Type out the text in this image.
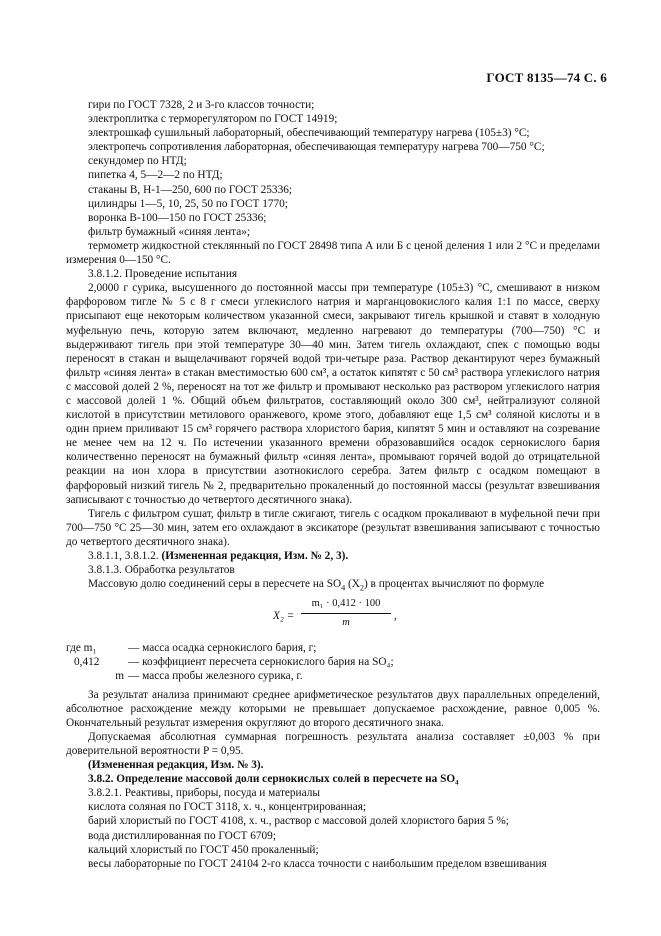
ГОСТ 8135—74 С. 6

гири по ГОСТ 7328, 2 и 3-го классов точности;

электроплитка с терморегулятором по ГОСТ 14919;

электрошкаф сушильный лабораторный, обеспечивающий температуру нагрева (105±3) °С;

электропечь сопротивления лабораторная, обеспечивающая температуру нагрева 700—750 °С;

секундомер по НТД;

пипетка 4, 5—2—2 по НТД;

стаканы В, Н-1—250, 600 по ГОСТ 25336;

цилиндры 1—5, 10, 25, 50 по ГОСТ 1770;

воронка В-100—150 по ГОСТ 25336;

фильтр бумажный «синяя лента»;

термометр жидкостной стеклянный по ГОСТ 28498 типа А или Б с ценой деления 1 или 2 °С и пределами измерения 0—150 °С.

3.8.1.2. Проведение испытания

2,0000 г сурика, высушенного до постоянной массы при температуре (105±3) °С, смешивают в низком фарфоровом тигле № 5 с 8 г смеси углекислого натрия и марганцовокислого калия 1:1 по массе, сверху присыпают еще некоторым количеством указанной смеси, закрывают тигель крышкой и ставят в холодную муфельную печь, которую затем включают, медленно нагревают до температуры (700—750) °С и выдерживают тигель при этой температуре 30—40 мин. Затем тигель охлаждают, спек с помощью воды переносят в стакан и выщелачивают горячей водой три-четыре раза. Раствор декантируют через бумажный фильтр «синяя лента» в стакан вместимостью 600 см³, а остаток кипятят с 50 см³ раствора углекислого натрия с массовой долей 2 %, переносят на тот же фильтр и промывают несколько раз раствором углекислого натрия с массовой долей 1 %. Общий объем фильтратов, составляющий около 300 см³, нейтрализуют соляной кислотой в присутствии метилового оранжевого, кроме этого, добавляют еще 1,5 см³ соляной кислоты и в один прием приливают 15 см³ горячего раствора хлористого бария, кипятят 5 мин и оставляют на созревание не менее чем на 12 ч. По истечении указанного времени образовавшийся осадок сернокислого бария количественно переносят на бумажный фильтр «синяя лента», промывают горячей водой до отрицательной реакции на ион хлора в присутствии азотнокислого серебра. Затем фильтр с осадком помещают в фарфоровый низкий тигель № 2, предварительно прокаленный до постоянной массы (результат взвешивания записывают с точностью до четвертого десятичного знака).

Тигель с фильтром сушат, фильтр в тигле сжигают, тигель с осадком прокаливают в муфельной печи при 700—750 °С 25—30 мин, затем его охлаждают в эксикаторе (результат взвешивания записывают с точностью до четвертого десятичного знака).

3.8.1.1, 3.8.1.2. (Измененная редакция, Изм. № 2, 3).

3.8.1.3. Обработка результатов

Массовую долю соединений серы в пересчете на $SO_4$ $(X_2)$ в процентах вычисляют по формуле

$X_2 = \frac{\text{m₁ · 0,412 · 100}}{m}$ ,
где m₁	— масса осадка сернокислого бария, г;
0,412	— коэффициент пересчета сернокислого бария на SO₄;
m — масса пробы железного сурика, г.

За результат анализа принимают среднее арифметическое результатов двух параллельных определений, абсолютное расхождение между которыми не превышает допускаемое расхождение, равное 0,005 %. Окончательный результат измерения округляют до второго десятичного знака.

Допускаемая абсолютная суммарная погрешность результата анализа составляет ±0,003 % при доверительной вероятности P = 0,95.

(Измененная редакция, Изм. № 3).

3.8.2. Определение массовой доли сернокислых солей в пересчете на SO₄

3.8.2.1. Реактивы, приборы, посуда и материалы

кислота соляная по ГОСТ 3118, х. ч., концентрированная;

барий хлористый по ГОСТ 4108, х. ч., раствор с массовой долей хлористого бария 5 %;

вода дистиллированная по ГОСТ 6709;

кальций хлористый по ГОСТ 450 прокаленный;

весы лабораторные по ГОСТ 24104 2-го класса точности с наибольшим пределом взвешивания
